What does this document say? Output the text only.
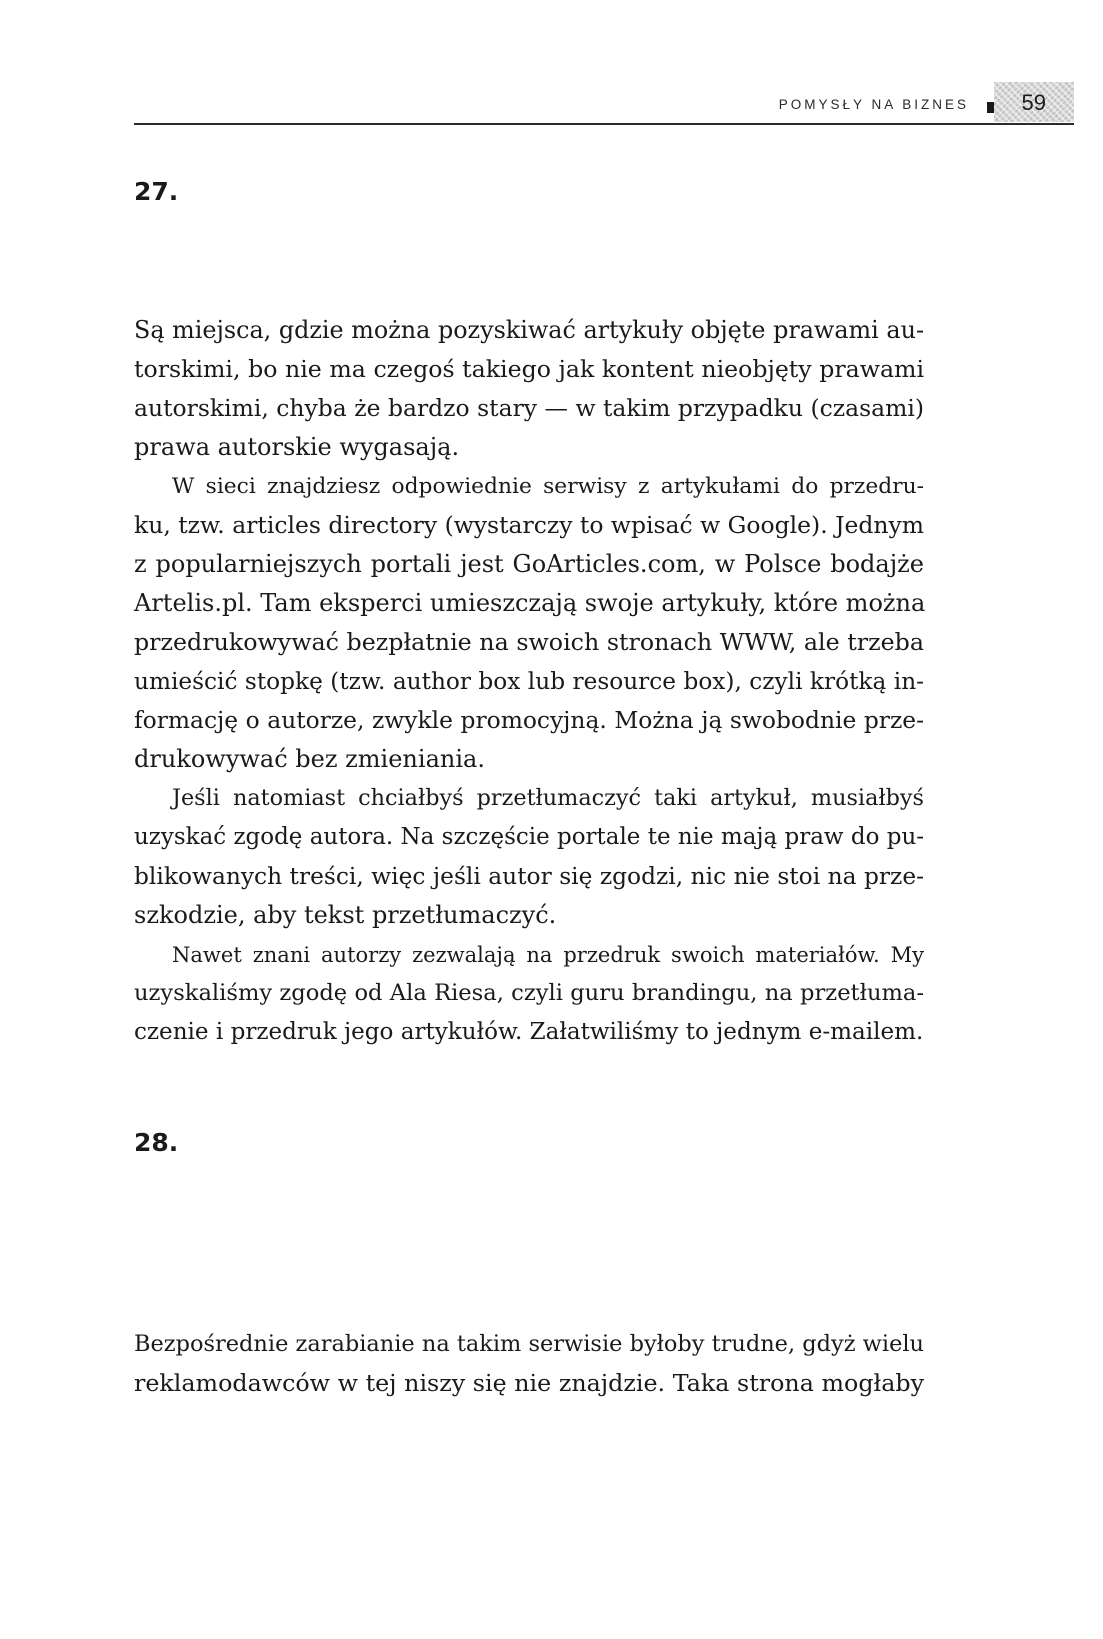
POMYSŁY NA BIZNES 59
27.

Są miejsca, gdzie można pozyskiwać artykuły objęte prawami au-
torskimi, bo nie ma czegoś takiego jak kontent nieobjęty prawami
autorskimi, chyba że bardzo stary — w takim przypadku (czasami)
prawa autorskie wygasają.

W sieci znajdziesz odpowiednie serwisy z artykułami do przedru-
ku, tzw. articles directory (wystarczy to wpisać w Google). Jednym
z popularniejszych portali jest GoArticles.com, w Polsce bodajże
Artelis.pl. Tam eksperci umieszczają swoje artykuły, które można
przedrukowywać bezpłatnie na swoich stronach WWW, ale trzeba
umieścić stopkę (tzw. author box lub resource box), czyli krótką in-
formację o autorze, zwykle promocyjną. Można ją swobodnie prze-
drukowywać bez zmieniania.

Jeśli natomiast chciałbyś przetłumaczyć taki artykuł, musiałbyś
uzyskać zgodę autora. Na szczęście portale te nie mają praw do pu-
blikowanych treści, więc jeśli autor się zgodzi, nic nie stoi na prze-
szkodzie, aby tekst przetłumaczyć.

Nawet znani autorzy zezwalają na przedruk swoich materiałów. My
uzyskaliśmy zgodę od Ala Riesa, czyli guru brandingu, na przetłuma-
czenie i przedruk jego artykułów. Załatwiliśmy to jednym e-mailem.

28.

Bezpośrednie zarabianie na takim serwisie byłoby trudne, gdyż wielu
reklamodawców w tej niszy się nie znajdzie. Taka strona mogłaby
